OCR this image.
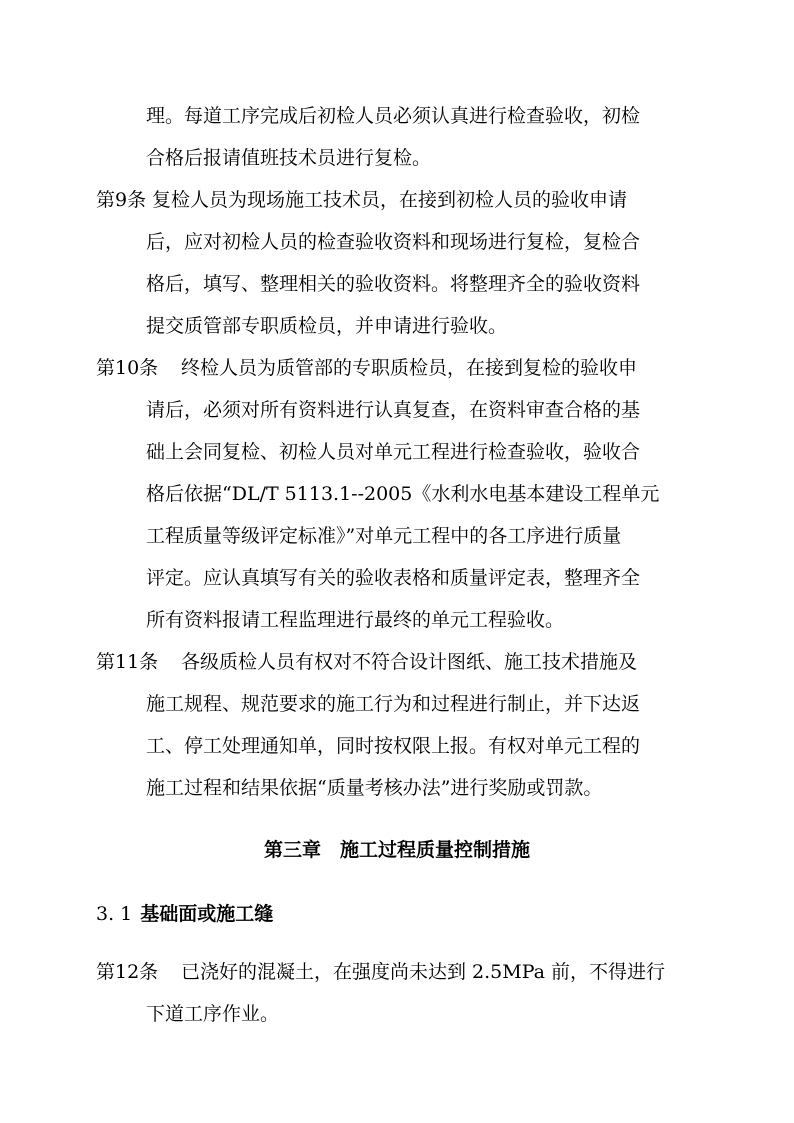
理。每道工序完成后初检人员必须认真进行检查验收，初检
合格后报请值班技术员进行复检。
第9条 复检人员为现场施工技术员，在接到初检人员的验收申请
后，应对初检人员的检查验收资料和现场进行复检，复检合
格后，填写、整理相关的验收资料。将整理齐全的验收资料
提交质管部专职质检员，并申请进行验收。
第10条 终检人员为质管部的专职质检员，在接到复检的验收申
请后，必须对所有资料进行认真复查，在资料审查合格的基
础上会同复检、初检人员对单元工程进行检查验收，验收合
格后依据“DL/T 5113.1--2005《水利水电基本建设工程单元
工程质量等级评定标准》”对单元工程中的各工序进行质量
评定。应认真填写有关的验收表格和质量评定表，整理齐全
所有资料报请工程监理进行最终的单元工程验收。
第11条 各级质检人员有权对不符合设计图纸、施工技术措施及
施工规程、规范要求的施工行为和过程进行制止，并下达返
工、停工处理通知单，同时按权限上报。有权对单元工程的
施工过程和结果依据“质量考核办法”进行奖励或罚款。
第三章　施工过程质量控制措施
3. 1 基础面或施工缝
第12条 已浇好的混凝土，在强度尚未达到 2.5MPa 前，不得进行
下道工序作业。
